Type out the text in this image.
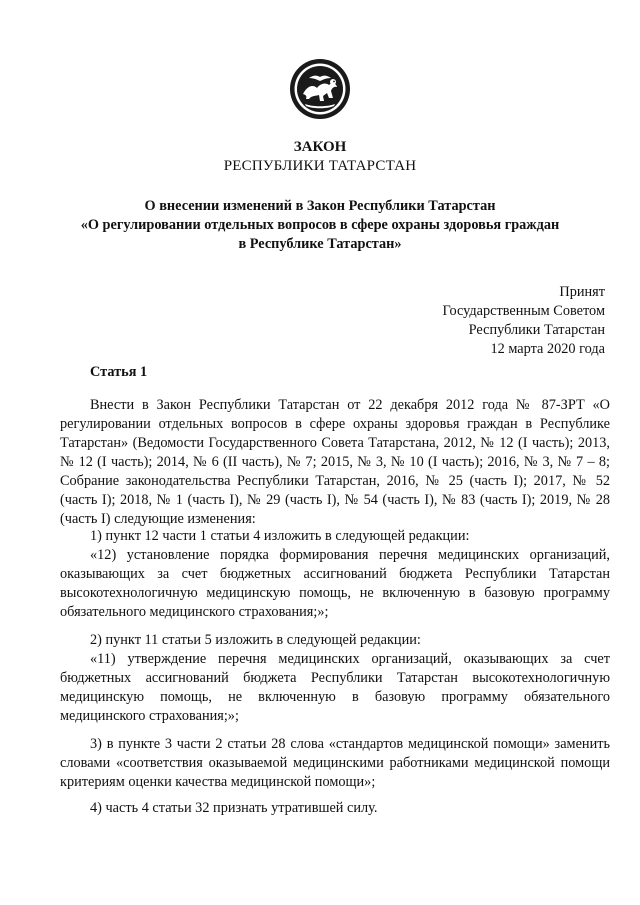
ЗАКОН
РЕСПУБЛИКИ ТАТАРСТАН
О внесении изменений в Закон Республики Татарстан
«О регулировании отдельных вопросов в сфере охраны здоровья граждан
в Республике Татарстан»
Принят
Государственным Советом
Республики Татарстан
12 марта 2020 года
Статья 1

Внести в Закон Республики Татарстан от 22 декабря 2012 года № 87-ЗРТ «О регулировании отдельных вопросов в сфере охраны здоровья граждан в Республике Татарстан» (Ведомости Государственного Совета Татарстана, 2012, № 12 (I часть); 2013, № 12 (I часть); 2014, № 6 (II часть), № 7; 2015, № 3, № 10 (I часть); 2016, № 3, № 7 – 8; Собрание законодательства Республики Татарстан, 2016, № 25 (часть I); 2017, № 52 (часть I); 2018, № 1 (часть I), № 29 (часть I), № 54 (часть I), № 83 (часть I); 2019, № 28 (часть I) следующие изменения:

1) пункт 12 части 1 статьи 4 изложить в следующей редакции:

«12) установление порядка формирования перечня медицинских организаций, оказывающих за счет бюджетных ассигнований бюджета Республики Татарстан высокотехнологичную медицинскую помощь, не включенную в базовую программу обязательного медицинского страхования;»;

2) пункт 11 статьи 5 изложить в следующей редакции:

«11) утверждение перечня медицинских организаций, оказывающих за счет бюджетных ассигнований бюджета Республики Татарстан высокотехнологичную медицинскую помощь, не включенную в базовую программу обязательного медицинского страхования;»;

3) в пункте 3 части 2 статьи 28 слова «стандартов медицинской помощи» заменить словами «соответствия оказываемой медицинскими работниками медицинской помощи критериям оценки качества медицинской помощи»;

4) часть 4 статьи 32 признать утратившей силу.
